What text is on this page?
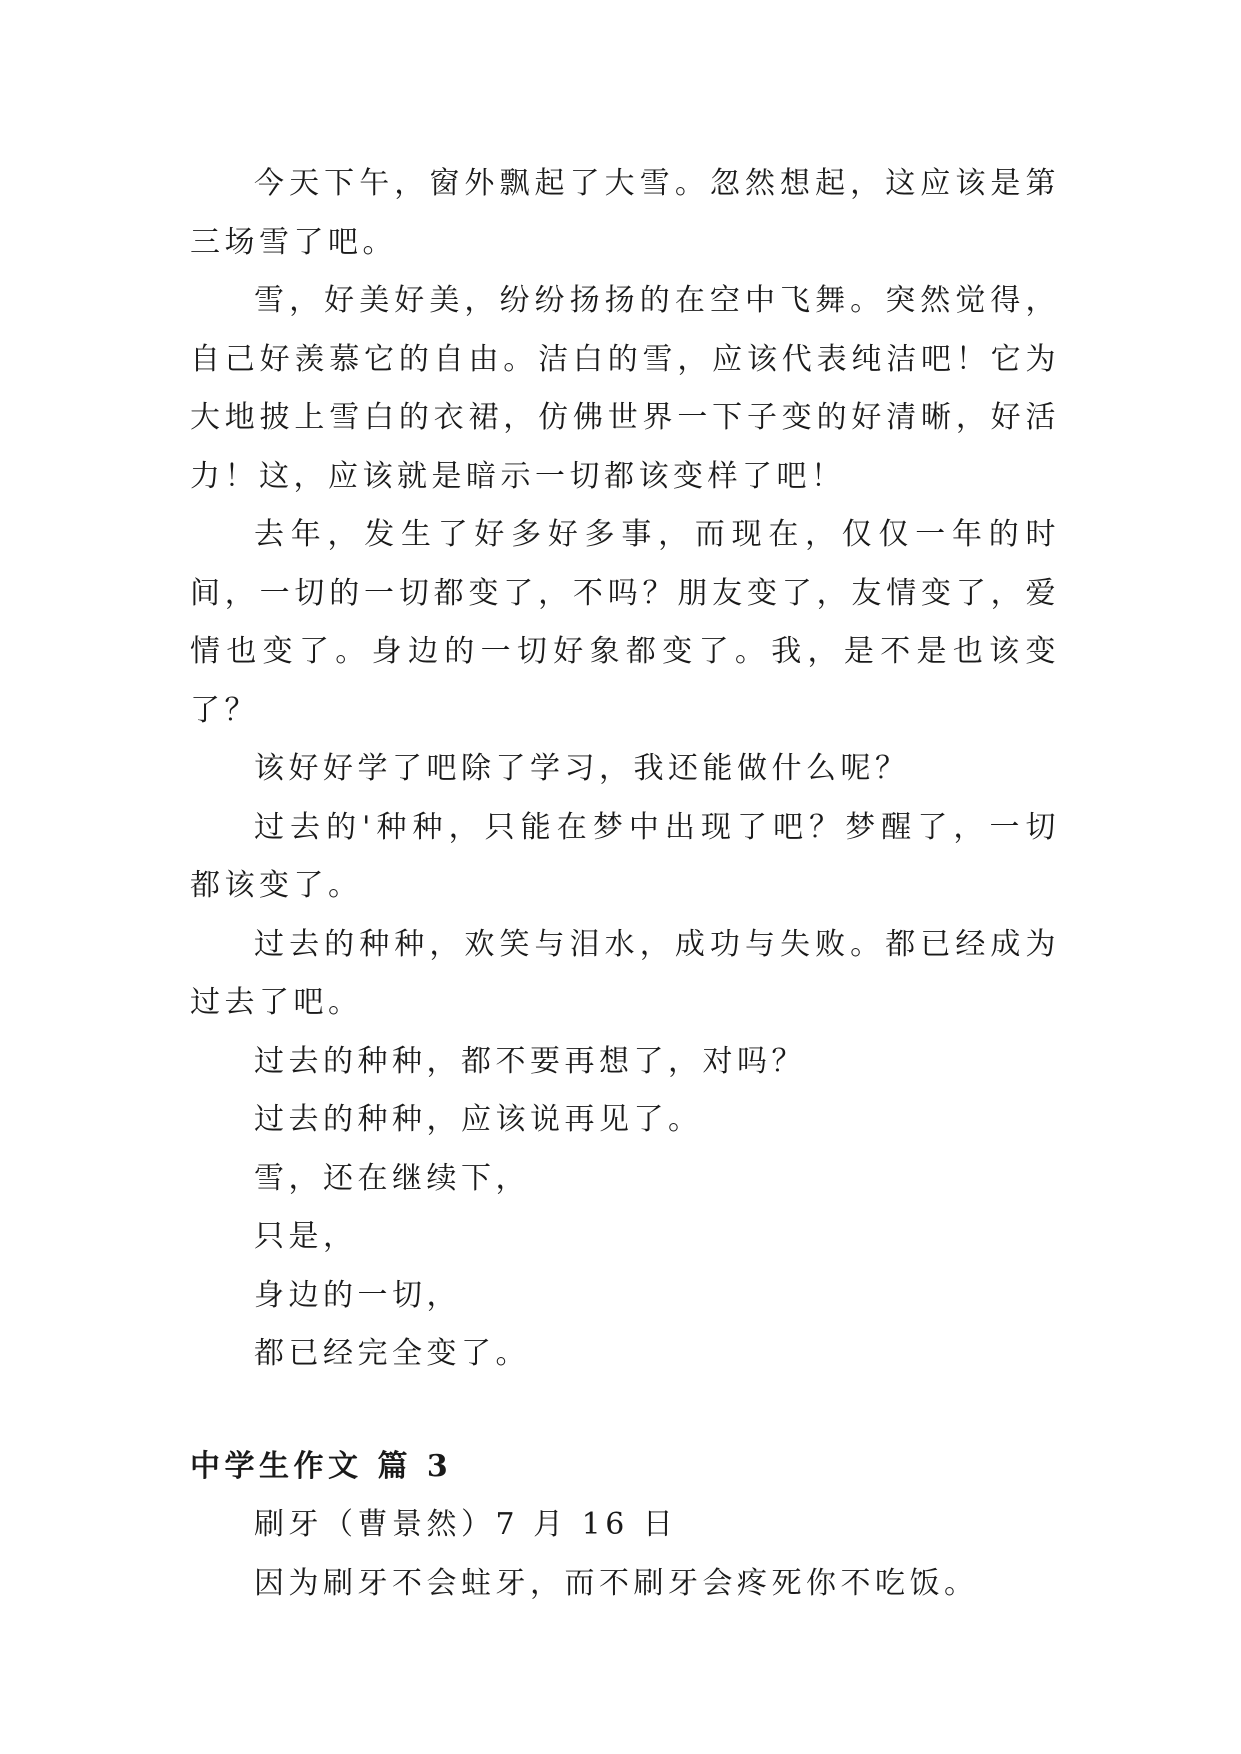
今天下午，窗外飘起了大雪。忽然想起，这应该是第三场雪了吧。

雪，好美好美，纷纷扬扬的在空中飞舞。突然觉得，自己好羡慕它的自由。洁白的雪，应该代表纯洁吧！它为大地披上雪白的衣裙，仿佛世界一下子变的好清晰，好活力！这，应该就是暗示一切都该变样了吧！

去年，发生了好多好多事，而现在，仅仅一年的时间，一切的一切都变了，不吗？朋友变了，友情变了，爱情也变了。身边的一切好象都变了。我，是不是也该变了？

该好好学了吧除了学习，我还能做什么呢？

过去的'种种，只能在梦中出现了吧？梦醒了，一切都该变了。

过去的种种，欢笑与泪水，成功与失败。都已经成为过去了吧。

过去的种种，都不要再想了，对吗？

过去的种种，应该说再见了。

雪，还在继续下，

只是，

身边的一切，

都已经完全变了。

中学生作文 篇 3

刷牙（曹景然）7 月 16 日

因为刷牙不会蛀牙，而不刷牙会疼死你不吃饭。
